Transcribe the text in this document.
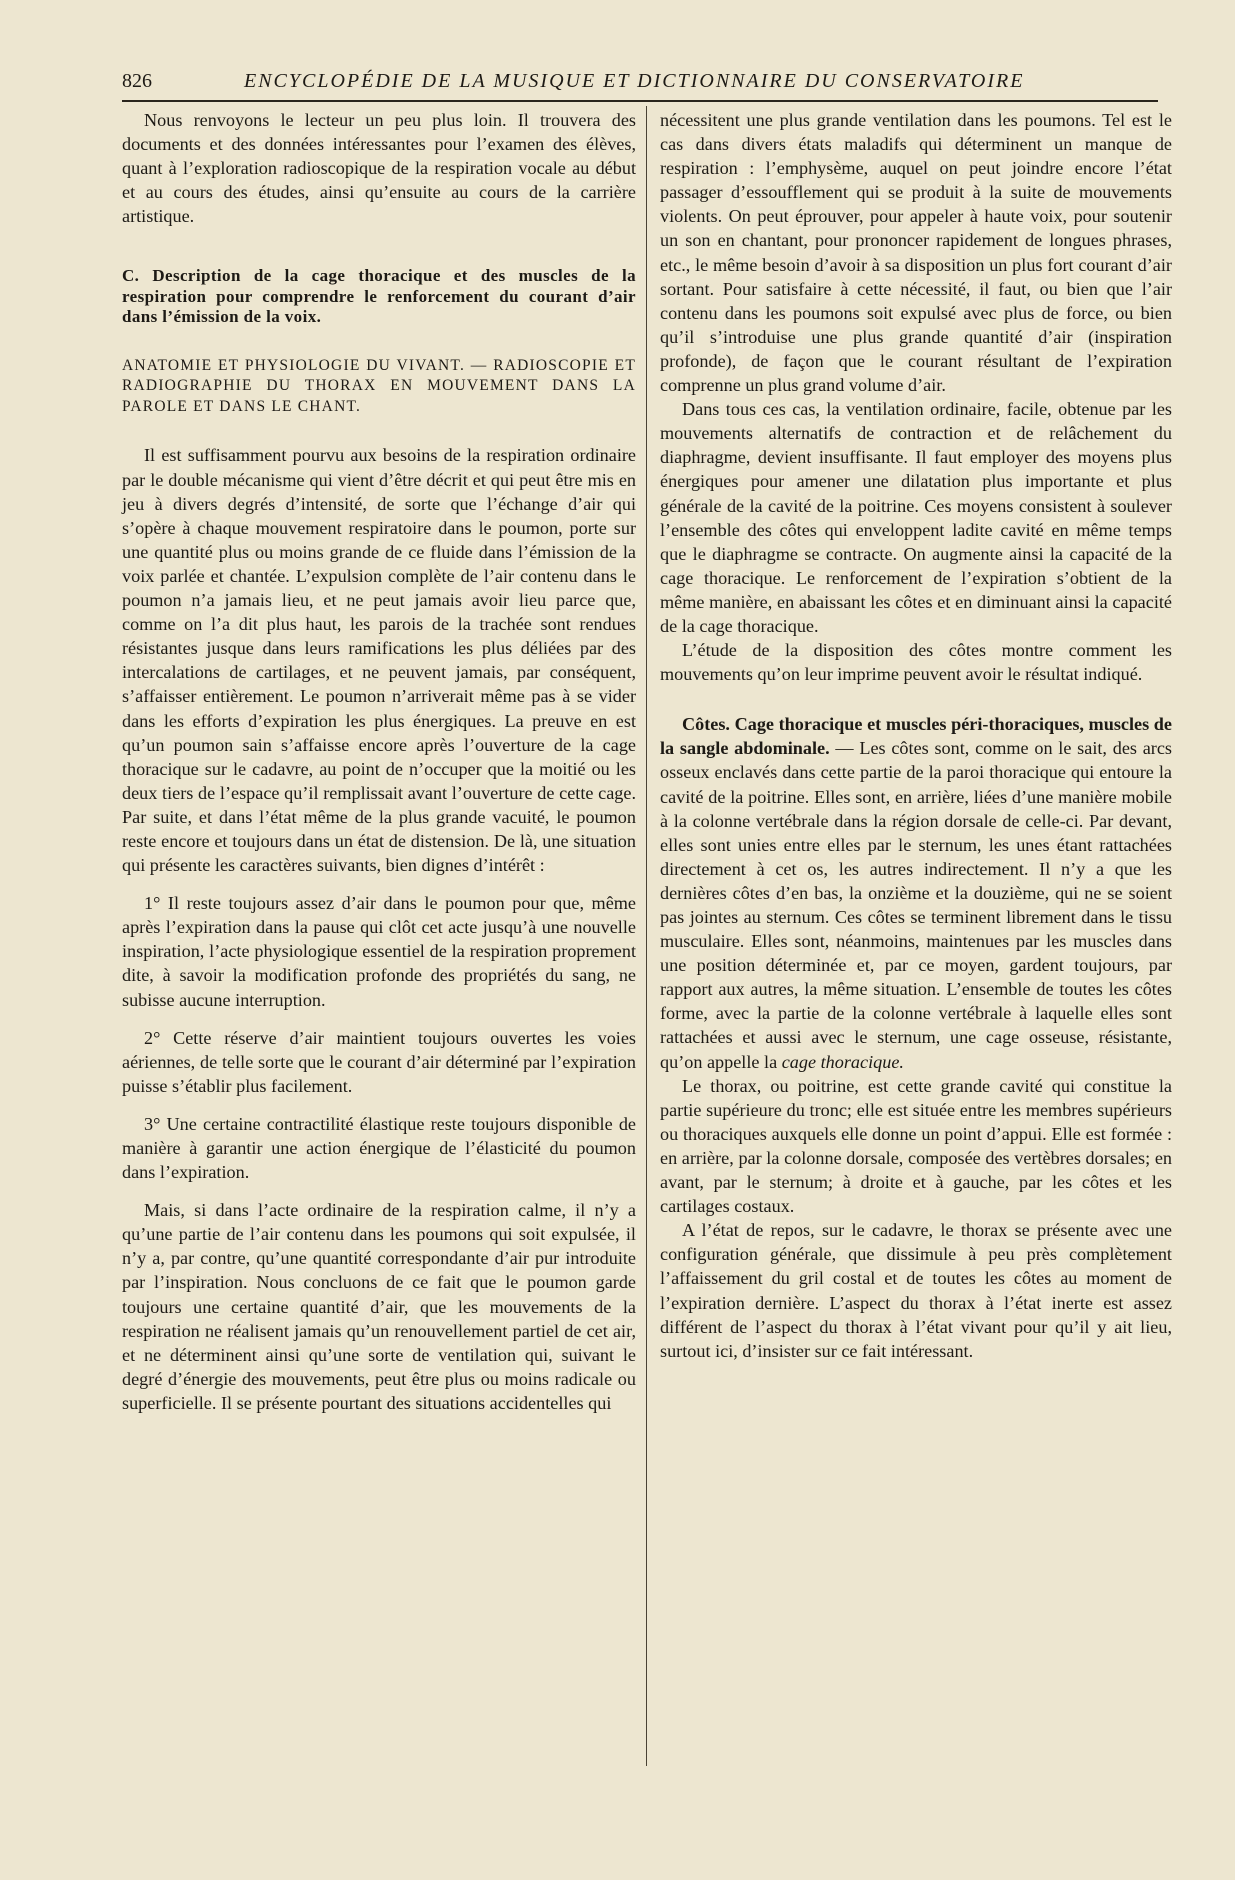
826	ENCYCLOPÉDIE DE LA MUSIQUE ET DICTIONNAIRE DU CONSERVATOIRE

Nous renvoyons le lecteur un peu plus loin. Il trouvera des documents et des données intéressantes pour l’examen des élèves, quant à l’exploration radioscopique de la respiration vocale au début et au cours des études, ainsi qu’ensuite au cours de la carrière artistique.

C. Description de la cage thoracique et des muscles de la respiration pour comprendre le renforcement du courant d’air dans l’émission de la voix.

ANATOMIE ET PHYSIOLOGIE DU VIVANT. — RADIOSCOPIE ET RADIOGRAPHIE DU THORAX EN MOUVEMENT DANS LA PAROLE ET DANS LE CHANT.

Il est suffisamment pourvu aux besoins de la respiration ordinaire par le double mécanisme qui vient d’être décrit et qui peut être mis en jeu à divers degrés d’intensité, de sorte que l’échange d’air qui s’opère à chaque mouvement respiratoire dans le poumon, porte sur une quantité plus ou moins grande de ce fluide dans l’émission de la voix parlée et chantée. L’expulsion complète de l’air contenu dans le poumon n’a jamais lieu, et ne peut jamais avoir lieu parce que, comme on l’a dit plus haut, les parois de la trachée sont rendues résistantes jusque dans leurs ramifications les plus déliées par des intercalations de cartilages, et ne peuvent jamais, par conséquent, s’affaisser entièrement. Le poumon n’arriverait même pas à se vider dans les efforts d’expiration les plus énergiques. La preuve en est qu’un poumon sain s’affaisse encore après l’ouverture de la cage thoracique sur le cadavre, au point de n’occuper que la moitié ou les deux tiers de l’espace qu’il remplissait avant l’ouverture de cette cage. Par suite, et dans l’état même de la plus grande vacuité, le poumon reste encore et toujours dans un état de distension. De là, une situation qui présente les caractères suivants, bien dignes d’intérêt :

1° Il reste toujours assez d’air dans le poumon pour que, même après l’expiration dans la pause qui clôt cet acte jusqu’à une nouvelle inspiration, l’acte physiologique essentiel de la respiration proprement dite, à savoir la modification profonde des propriétés du sang, ne subisse aucune interruption.

2° Cette réserve d’air maintient toujours ouvertes les voies aériennes, de telle sorte que le courant d’air déterminé par l’expiration puisse s’établir plus facilement.

3° Une certaine contractilité élastique reste toujours disponible de manière à garantir une action énergique de l’élasticité du poumon dans l’expiration.

Mais, si dans l’acte ordinaire de la respiration calme, il n’y a qu’une partie de l’air contenu dans les poumons qui soit expulsée, il n’y a, par contre, qu’une quantité correspondante d’air pur introduite par l’inspiration. Nous concluons de ce fait que le poumon garde toujours une certaine quantité d’air, que les mouvements de la respiration ne réalisent jamais qu’un renouvellement partiel de cet air, et ne déterminent ainsi qu’une sorte de ventilation qui, suivant le degré d’énergie des mouvements, peut être plus ou moins radicale ou superficielle. Il se présente pourtant des situations accidentelles qui

nécessitent une plus grande ventilation dans les poumons. Tel est le cas dans divers états maladifs qui déterminent un manque de respiration : l’emphysème, auquel on peut joindre encore l’état passager d’essoufflement qui se produit à la suite de mouvements violents. On peut éprouver, pour appeler à haute voix, pour soutenir un son en chantant, pour prononcer rapidement de longues phrases, etc., le même besoin d’avoir à sa disposition un plus fort courant d’air sortant. Pour satisfaire à cette nécessité, il faut, ou bien que l’air contenu dans les poumons soit expulsé avec plus de force, ou bien qu’il s’introduise une plus grande quantité d’air (inspiration profonde), de façon que le courant résultant de l’expiration comprenne un plus grand volume d’air.

Dans tous ces cas, la ventilation ordinaire, facile, obtenue par les mouvements alternatifs de contraction et de relâchement du diaphragme, devient insuffisante. Il faut employer des moyens plus énergiques pour amener une dilatation plus importante et plus générale de la cavité de la poitrine. Ces moyens consistent à soulever l’ensemble des côtes qui enveloppent ladite cavité en même temps que le diaphragme se contracte. On augmente ainsi la capacité de la cage thoracique. Le renforcement de l’expiration s’obtient de la même manière, en abaissant les côtes et en diminuant ainsi la capacité de la cage thoracique.

L’étude de la disposition des côtes montre comment les mouvements qu’on leur imprime peuvent avoir le résultat indiqué.

Côtes. Cage thoracique et muscles péri-thoraciques, muscles de la sangle abdominale. — Les côtes sont, comme on le sait, des arcs osseux enclavés dans cette partie de la paroi thoracique qui entoure la cavité de la poitrine. Elles sont, en arrière, liées d’une manière mobile à la colonne vertébrale dans la région dorsale de celle-ci. Par devant, elles sont unies entre elles par le sternum, les unes étant rattachées directement à cet os, les autres indirectement. Il n’y a que les dernières côtes d’en bas, la onzième et la douzième, qui ne se soient pas jointes au sternum. Ces côtes se terminent librement dans le tissu musculaire. Elles sont, néanmoins, maintenues par les muscles dans une position déterminée et, par ce moyen, gardent toujours, par rapport aux autres, la même situation. L’ensemble de toutes les côtes forme, avec la partie de la colonne vertébrale à laquelle elles sont rattachées et aussi avec le sternum, une cage osseuse, résistante, qu’on appelle la cage thoracique.

Le thorax, ou poitrine, est cette grande cavité qui constitue la partie supérieure du tronc; elle est située entre les membres supérieurs ou thoraciques auxquels elle donne un point d’appui. Elle est formée : en arrière, par la colonne dorsale, composée des vertèbres dorsales; en avant, par le sternum; à droite et à gauche, par les côtes et les cartilages costaux.

A l’état de repos, sur le cadavre, le thorax se présente avec une configuration générale, que dissimule à peu près complètement l’affaissement du gril costal et de toutes les côtes au moment de l’expiration dernière. L’aspect du thorax à l’état inerte est assez différent de l’aspect du thorax à l’état vivant pour qu’il y ait lieu, surtout ici, d’insister sur ce fait intéressant.
